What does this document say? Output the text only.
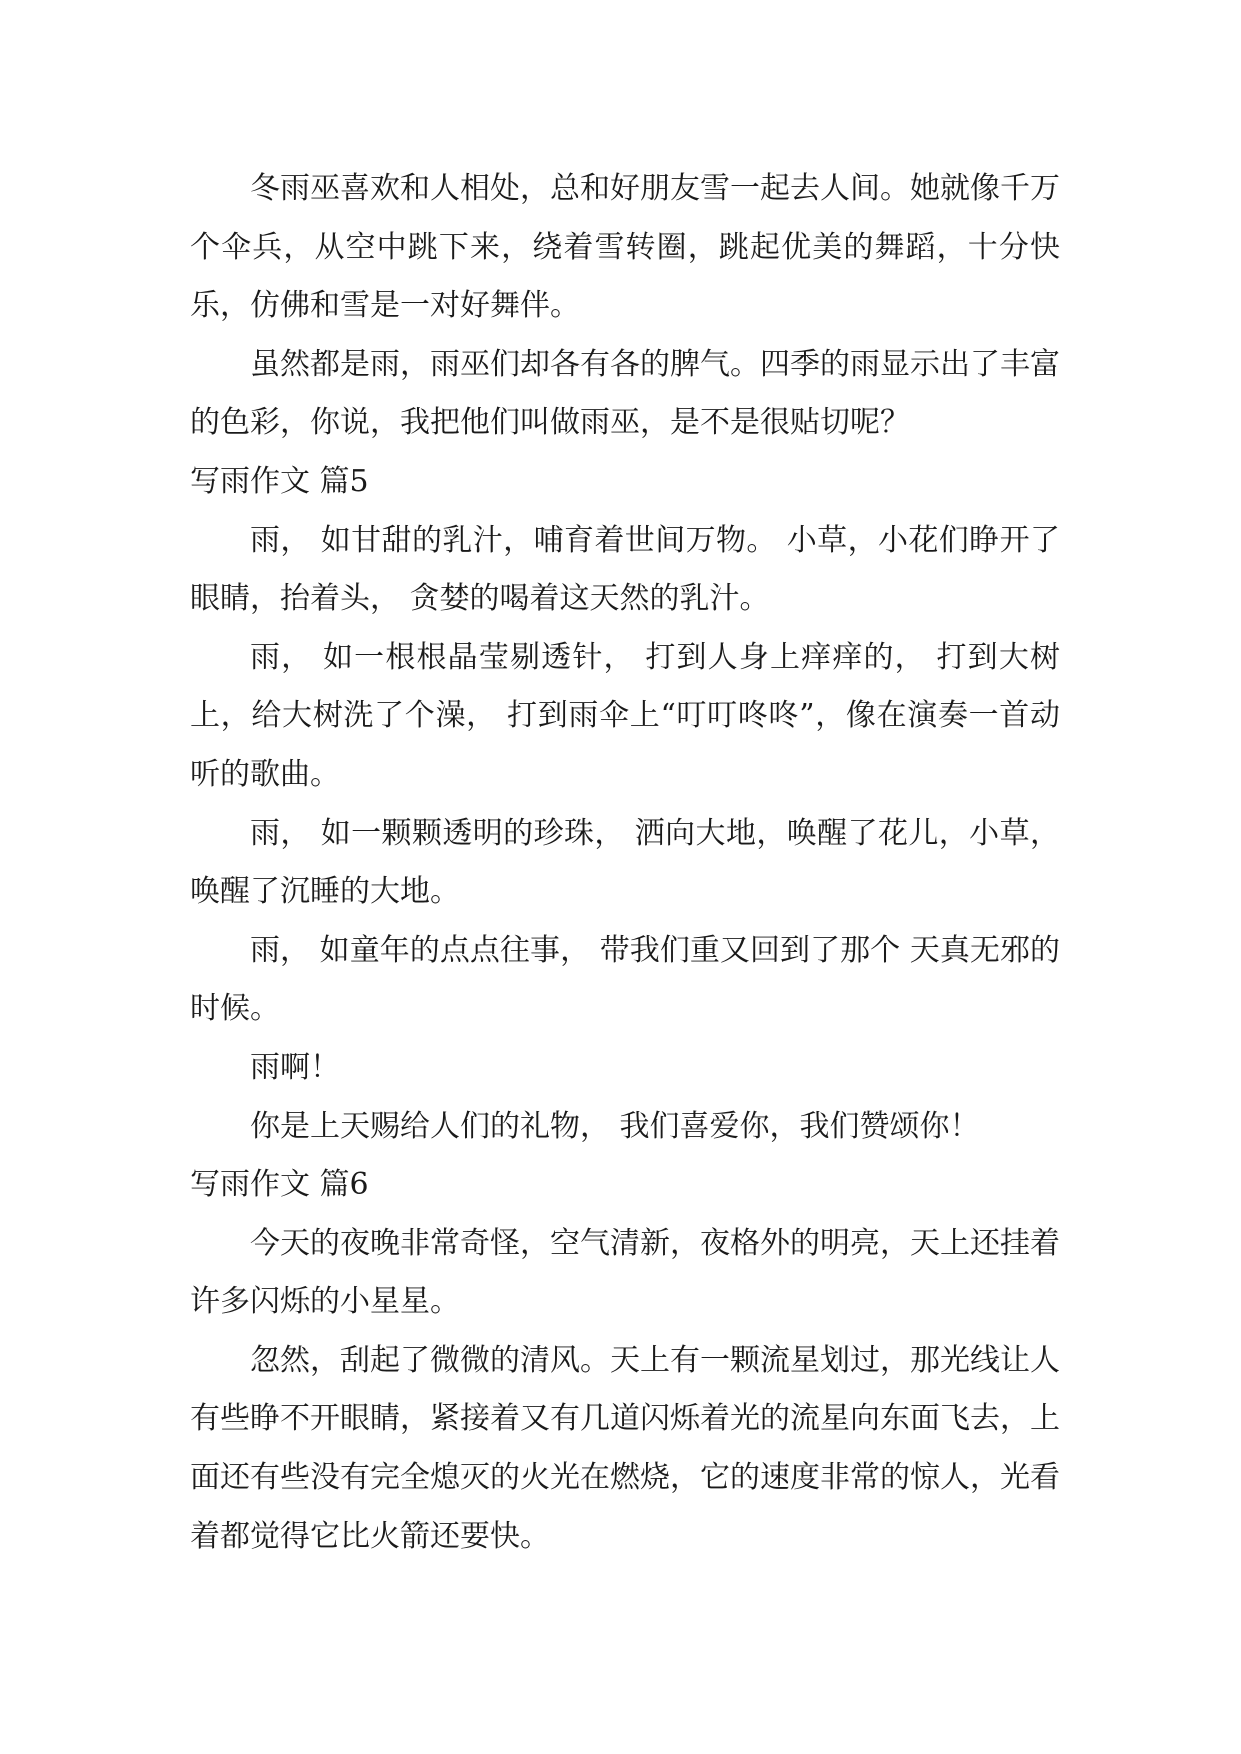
冬雨巫喜欢和人相处，总和好朋友雪一起去人间。她就像千万个伞兵，从空中跳下来，绕着雪转圈，跳起优美的舞蹈，十分快乐，仿佛和雪是一对好舞伴。

虽然都是雨，雨巫们却各有各的脾气。四季的雨显示出了丰富的色彩，你说，我把他们叫做雨巫，是不是很贴切呢？

写雨作文 篇5

雨， 如甘甜的乳汁，哺育着世间万物。 小草，小花们睁开了眼睛，抬着头， 贪婪的喝着这天然的乳汁。

雨， 如一根根晶莹剔透针， 打到人身上痒痒的， 打到大树上，给大树洗了个澡， 打到雨伞上“叮叮咚咚”，像在演奏一首动听的歌曲。

雨， 如一颗颗透明的珍珠， 洒向大地，唤醒了花儿，小草， 唤醒了沉睡的大地。

雨， 如童年的点点往事， 带我们重又回到了那个 天真无邪的时候。

雨啊！

你是上天赐给人们的礼物， 我们喜爱你，我们赞颂你！

写雨作文 篇6

今天的夜晚非常奇怪，空气清新，夜格外的明亮，天上还挂着许多闪烁的小星星。

忽然，刮起了微微的清风。天上有一颗流星划过，那光线让人有些睁不开眼睛，紧接着又有几道闪烁着光的流星向东面飞去，上面还有些没有完全熄灭的火光在燃烧，它的速度非常的惊人，光看着都觉得它比火箭还要快。
